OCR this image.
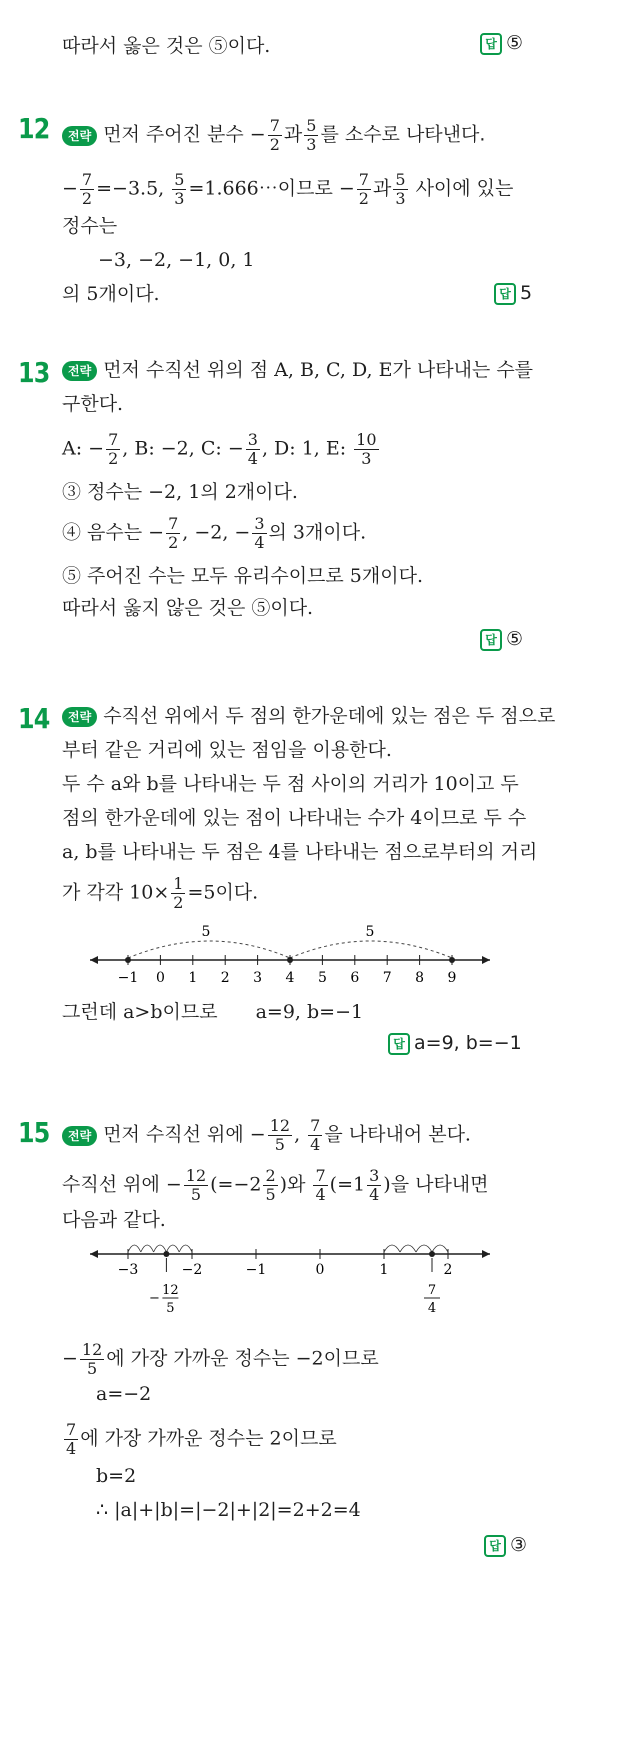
따라서 옳은 것은 ⑤이다.	답 ⑤
12	전략 먼저 주어진 분수 − $\frac{7}{2}$ 과 $\frac{5}{3}$ 를 소수로 나타낸다.
− $\frac{7}{2} =-3.5$, $\frac{5}{3}$ =1.666⋯이므로 − $\frac{7}{2}$ 과 $\frac{5}{3}$ 사이에 있는
정수는
−3, −2, −1, 0, 1
의 5개이다.	답 5
13	전략 먼저 수직선 위의 점 A, B, C, D, E가 나타내는 수를
구한다.
A: − $\frac{7}{2}$ , B: −2, C: − $\frac{3}{4}$ , D: 1, E: $\frac{10}{3}$
③ 정수는 −2, 1의 2개이다.
④ 음수는 − $\frac{7}{2}$ , −2, − $\frac{3}{4}$ 의 3개이다.
⑤ 주어진 수는 모두 유리수이므로 5개이다.
따라서 옳지 않은 것은 ⑤이다.
답 ⑤
14	전략 수직선 위에서 두 점의 한가운데에 있는 점은 두 점으로
부터 같은 거리에 있는 점임을 이용한다.
두 수 a와 b를 나타내는 두 점 사이의 거리가 10이고 두
점의 한가운데에 있는 점이 나타내는 수가 4이므로 두 수
a, b를 나타내는 두 점은 4를 나타내는 점으로부터의 거리
가 각각 $10\times \frac{1}{2} =5$이다.
−1 0 1 2 3 4 5 6 7 8 9
5	5
그런데 a>b이므로 a=9, b=−1
답 a=9, b=−1
15	전략 먼저 수직선 위에 − $\frac{12}{5}$ , $\frac{7}{4}$ 을 나타내어 본다.
수직선 위에 − $\frac{12}{5} (=-2 \frac{2}{5}$ )와 $\frac{7}{4} (=1 \frac{3}{4}$ )을 나타내면
다음과 같다.
−3	−2	−1	0	1	2
12
5
−
7
4
− $\frac{12}{5}$ 에 가장 가까운 정수는 −2이므로
a=−2
$\frac{7}{4}$ 에 가장 가까운 정수는 2이므로
b=2
∴ |a|+|b|=|−2|+|2|=2+2=4
답 ③
